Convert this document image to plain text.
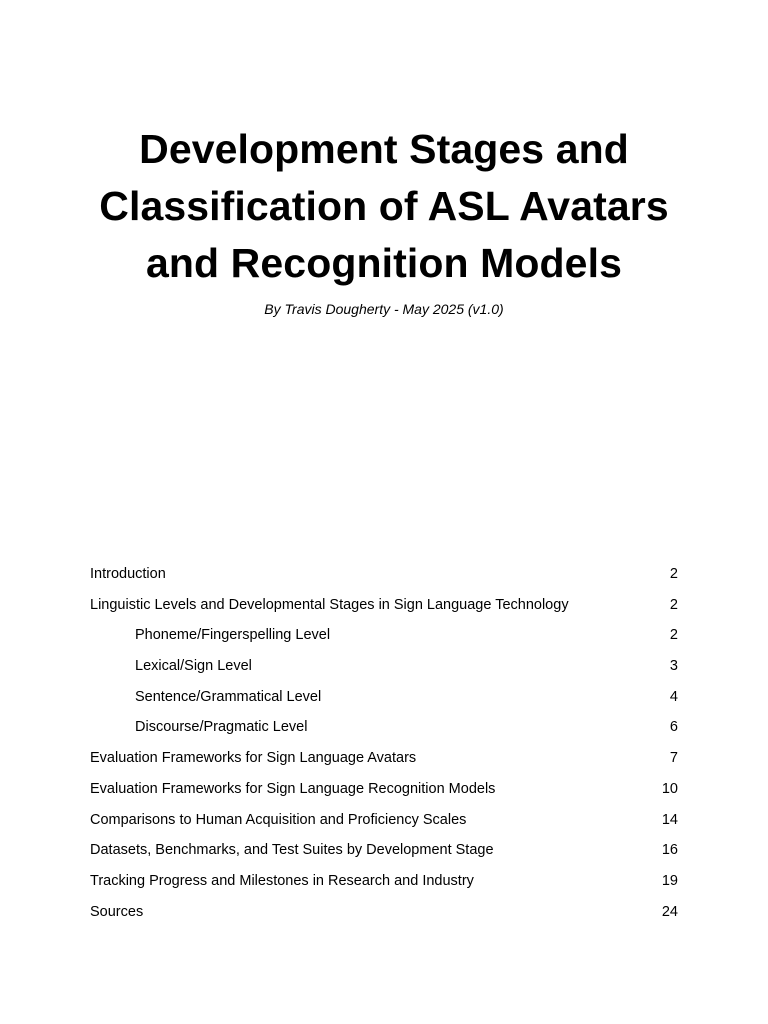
Development Stages and
Classification of ASL Avatars
and Recognition Models
By Travis Dougherty - May 2025 (v1.0)
Introduction	2
Linguistic Levels and Developmental Stages in Sign Language Technology	2
Phoneme/Fingerspelling Level	2
Lexical/Sign Level	3
Sentence/Grammatical Level	4
Discourse/Pragmatic Level	6
Evaluation Frameworks for Sign Language Avatars	7
Evaluation Frameworks for Sign Language Recognition Models	10
Comparisons to Human Acquisition and Proficiency Scales	14
Datasets, Benchmarks, and Test Suites by Development Stage	16
Tracking Progress and Milestones in Research and Industry	19
Sources	24
